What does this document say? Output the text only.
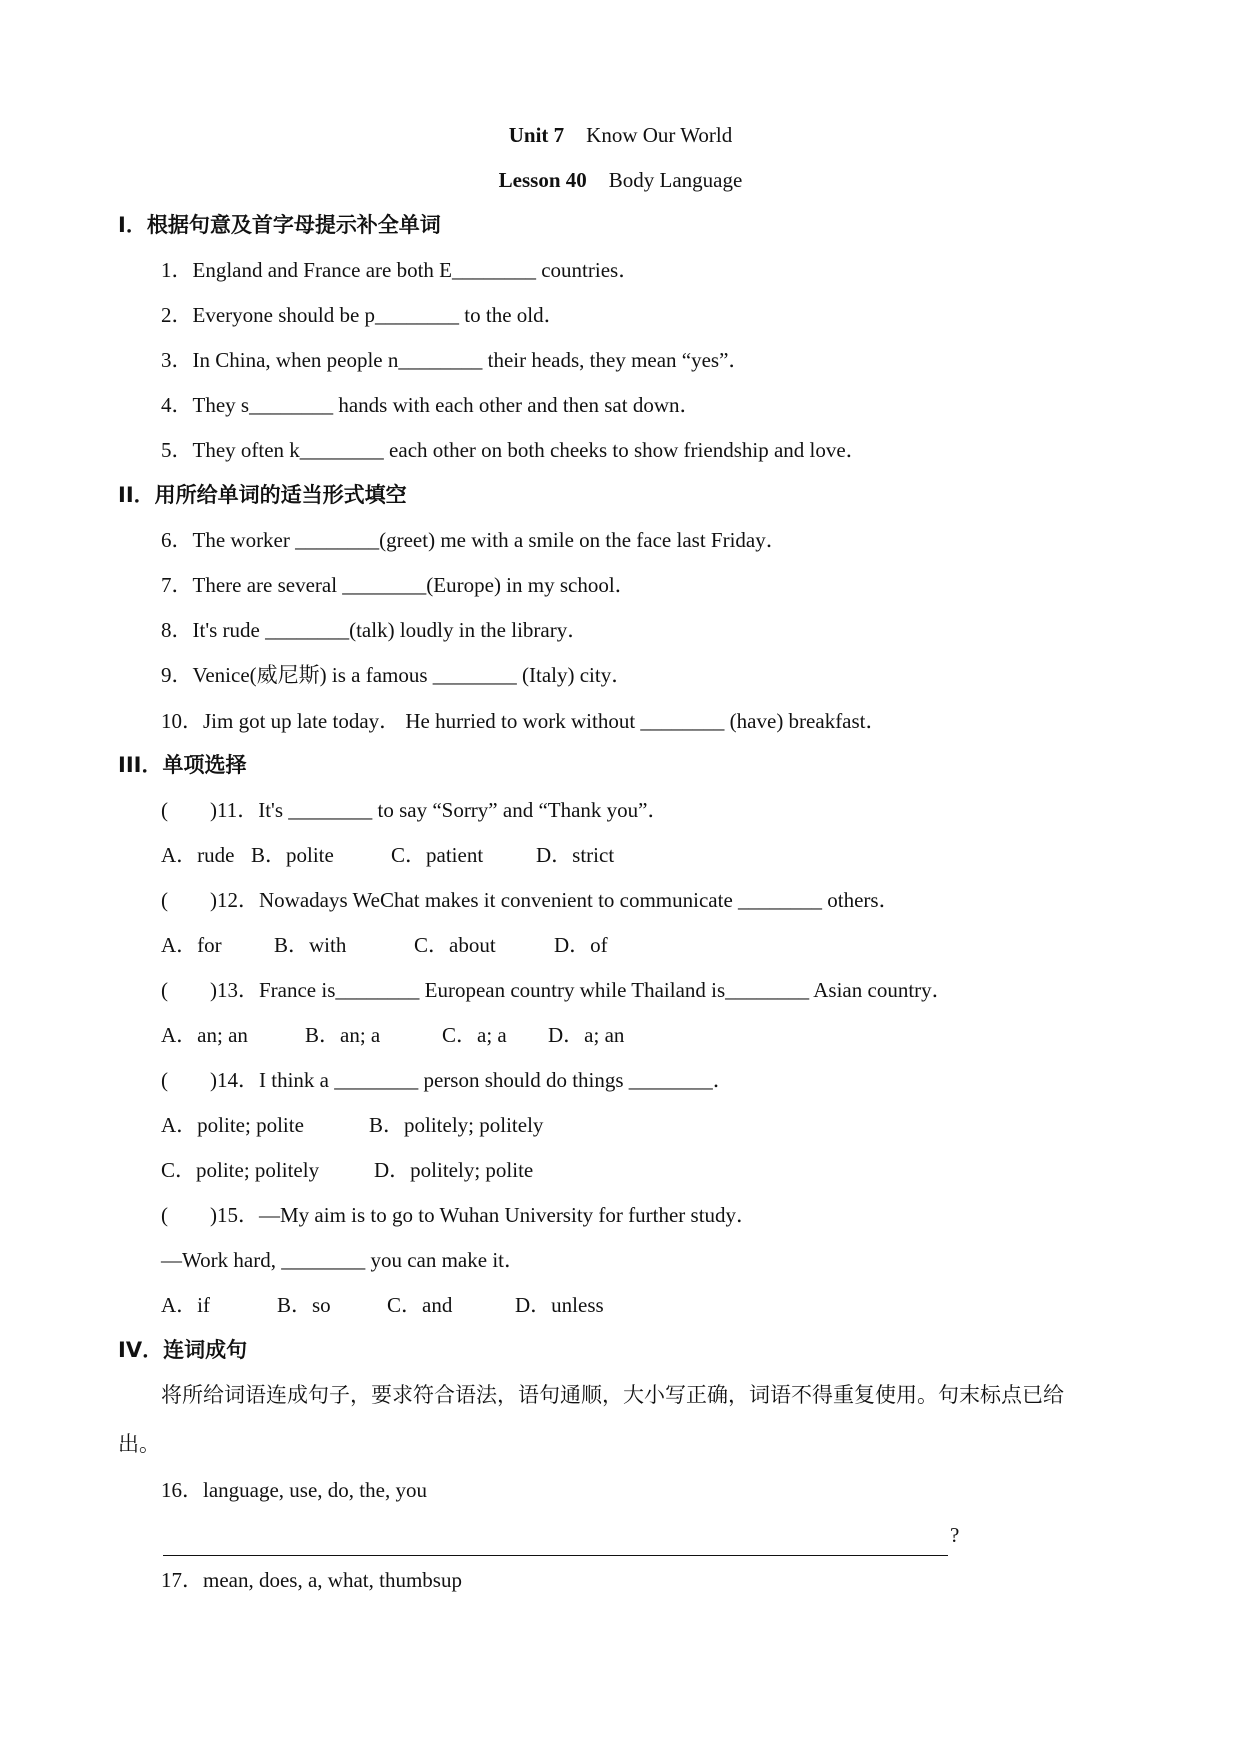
Unit 7 Know Our World
Lesson 40 Body Language
I．根据句意及首字母提示补全单词
1．England and France are both E________ countries．
2．Everyone should be p________ to the old．
3．In China, when people n________ their heads, they mean “yes”．
4．They s________ hands with each other and then sat down．
5．They often k________ each other on both cheeks to show friendship and love．
II．用所给单词的适当形式填空
6．The worker ________(greet) me with a smile on the face last Friday．
7．There are several ________(Europe) in my school．
8．It's rude ________(talk) loudly in the library．
9．Venice(威尼斯) is a famous ________ (Italy) city．
10．Jim got up late today． He hurried to work without ________ (have) breakfast．
III．单项选择
(　　)11．It's ________ to say “Sorry” and “Thank you”．
A．rude B．polite	C．patient	D．strict
(　　)12．Nowadays WeChat makes it convenient to communicate ________ others．
A．for B．with	C．about	D．of
(　　)13．France is________ European country while Thailand is________ Asian country．
A．an; an	B．an; a	C．a; a D．a; an
(　　)14．I think a ________ person should do things ________．
A．polite; polite	B．politely; politely
C．polite; politely	D．politely; polite
(　　)15．—My aim is to go to Wuhan University for further study．
—Work hard, ________ you can make it．
A．if	B．so	C．and	D．unless
IV．连词成句
将所给词语连成句子，要求符合语法，语句通顺，大小写正确，词语不得重复使用。句末标点已给
出。
16．language, use, do, the, you
?
17．mean, does, a, what, thumbsup
